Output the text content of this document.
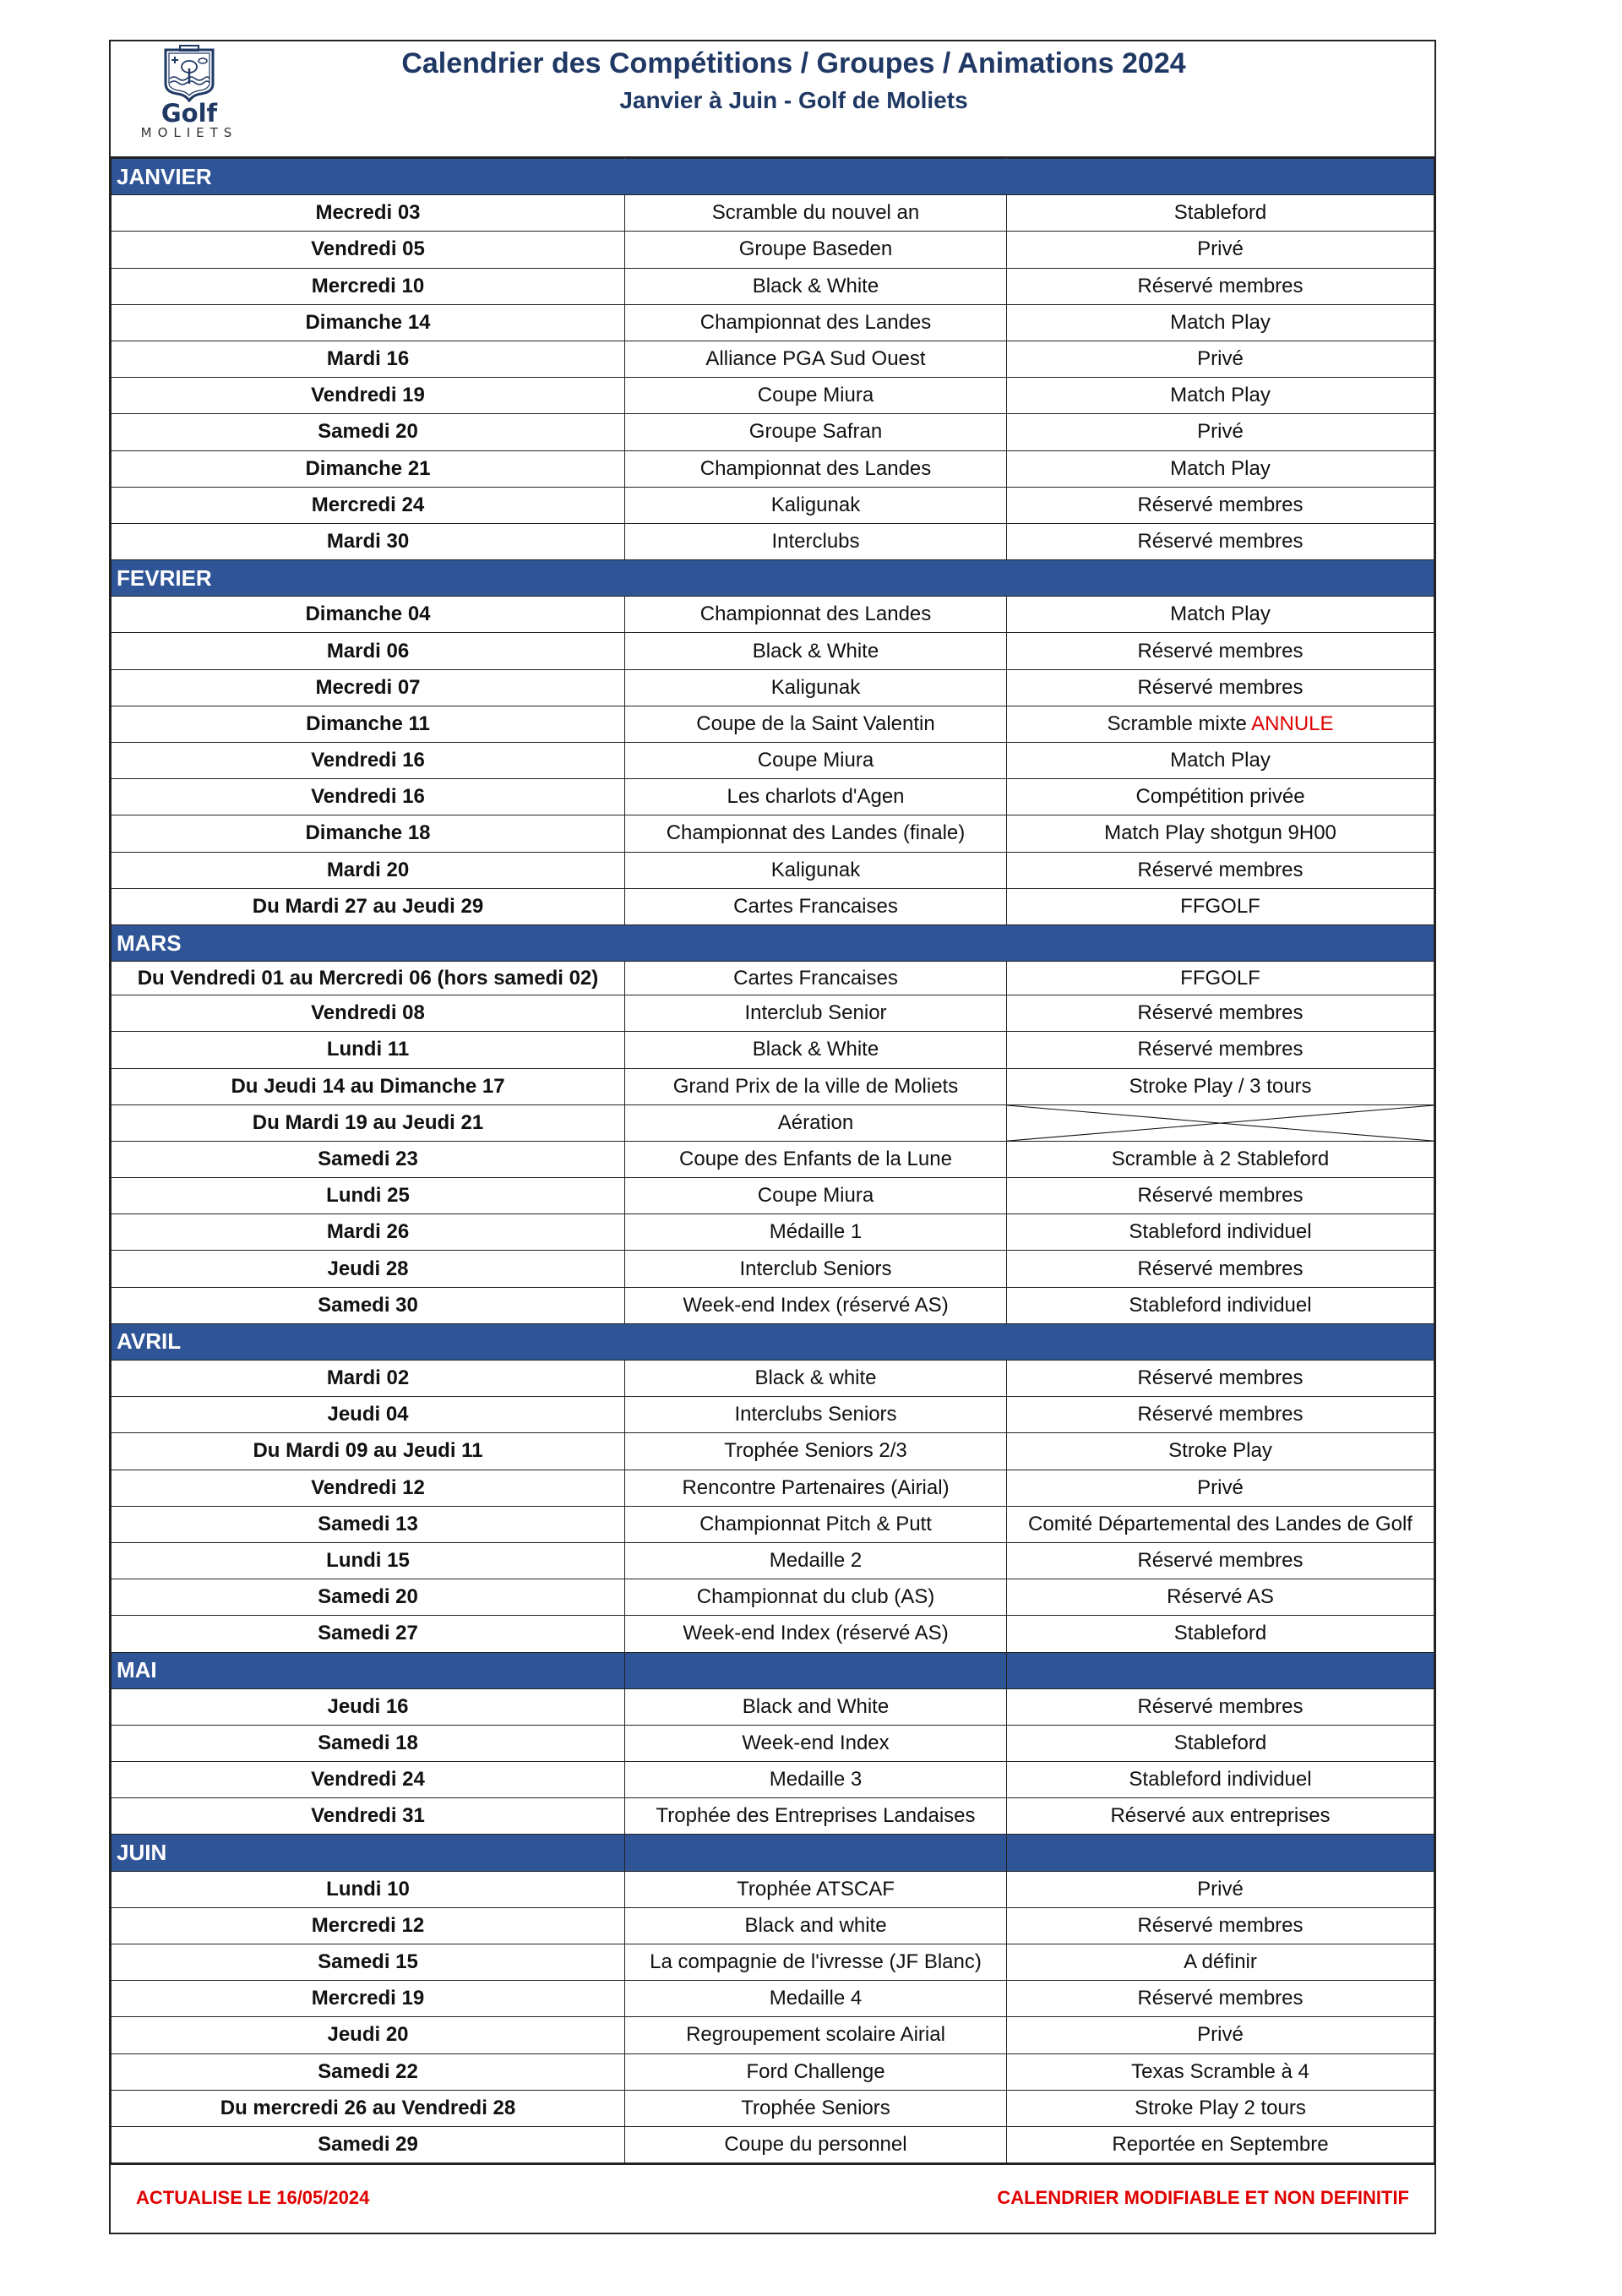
Golf
MOLIETS
Calendrier des Compétitions / Groupes / Animations 2024
Janvier à Juin - Golf de Moliets
JANVIER		
Mecredi 03	Scramble du nouvel an	Stableford
Vendredi 05	Groupe Baseden	Privé
Mercredi 10	Black & White	Réservé membres
Dimanche 14	Championnat des Landes	Match Play
Mardi 16	Alliance PGA Sud Ouest	Privé
Vendredi 19	Coupe Miura	Match Play
Samedi 20	Groupe Safran	Privé
Dimanche 21	Championnat des Landes	Match Play
Mercredi 24	Kaligunak	Réservé membres
Mardi 30	Interclubs	Réservé membres
FEVRIER		
Dimanche 04	Championnat des Landes	Match Play
Mardi 06	Black & White	Réservé membres
Mecredi 07	Kaligunak	Réservé membres
Dimanche 11	Coupe de la Saint Valentin	Scramble mixte ANNULE
Vendredi 16	Coupe Miura	Match Play
Vendredi 16	Les charlots d'Agen	Compétition privée
Dimanche 18	Championnat des Landes (finale)	Match Play shotgun 9H00
Mardi 20	Kaligunak	Réservé membres
Du Mardi 27 au Jeudi 29	Cartes Francaises	FFGOLF
MARS		
Du Vendredi 01 au Mercredi 06 (hors samedi 02)	Cartes Francaises	FFGOLF
Vendredi 08	Interclub Senior	Réservé membres
Lundi 11	Black & White	Réservé membres
Du Jeudi 14 au Dimanche 17	Grand Prix de la ville de Moliets	Stroke Play / 3 tours
Du Mardi 19 au Jeudi 21	Aération	

Samedi 23	Coupe des Enfants de la Lune	Scramble à 2 Stableford
Lundi 25	Coupe Miura	Réservé membres
Mardi 26	Médaille 1	Stableford individuel
Jeudi 28	Interclub Seniors	Réservé membres
Samedi 30	Week-end Index (réservé AS)	Stableford individuel
AVRIL		
Mardi 02	Black & white	Réservé membres
Jeudi 04	Interclubs Seniors	Réservé membres
Du Mardi 09 au Jeudi 11	Trophée Seniors 2/3	Stroke Play
Vendredi 12	Rencontre Partenaires (Airial)	Privé
Samedi 13	Championnat Pitch & Putt	Comité Départemental des Landes de Golf
Lundi 15	Medaille 2	Réservé membres
Samedi 20	Championnat du club (AS)	Réservé AS
Samedi 27	Week-end Index (réservé AS)	Stableford
MAI		
Jeudi 16	Black and White	Réservé membres
Samedi 18	Week-end Index	Stableford
Vendredi 24	Medaille 3	Stableford individuel
Vendredi 31	Trophée des Entreprises Landaises	Réservé aux entreprises
JUIN		
Lundi 10	Trophée ATSCAF	Privé
Mercredi 12	Black and white	Réservé membres
Samedi 15	La compagnie de l'ivresse (JF Blanc)	A définir
Mercredi 19	Medaille 4	Réservé membres
Jeudi 20	Regroupement scolaire Airial	Privé
Samedi 22	Ford Challenge	Texas Scramble à 4
Du mercredi 26 au Vendredi 28	Trophée Seniors	Stroke Play 2 tours
Samedi 29	Coupe du personnel	Reportée en Septembre
ACTUALISE LE 16/05/2024	CALENDRIER MODIFIABLE ET NON DEFINITIF
